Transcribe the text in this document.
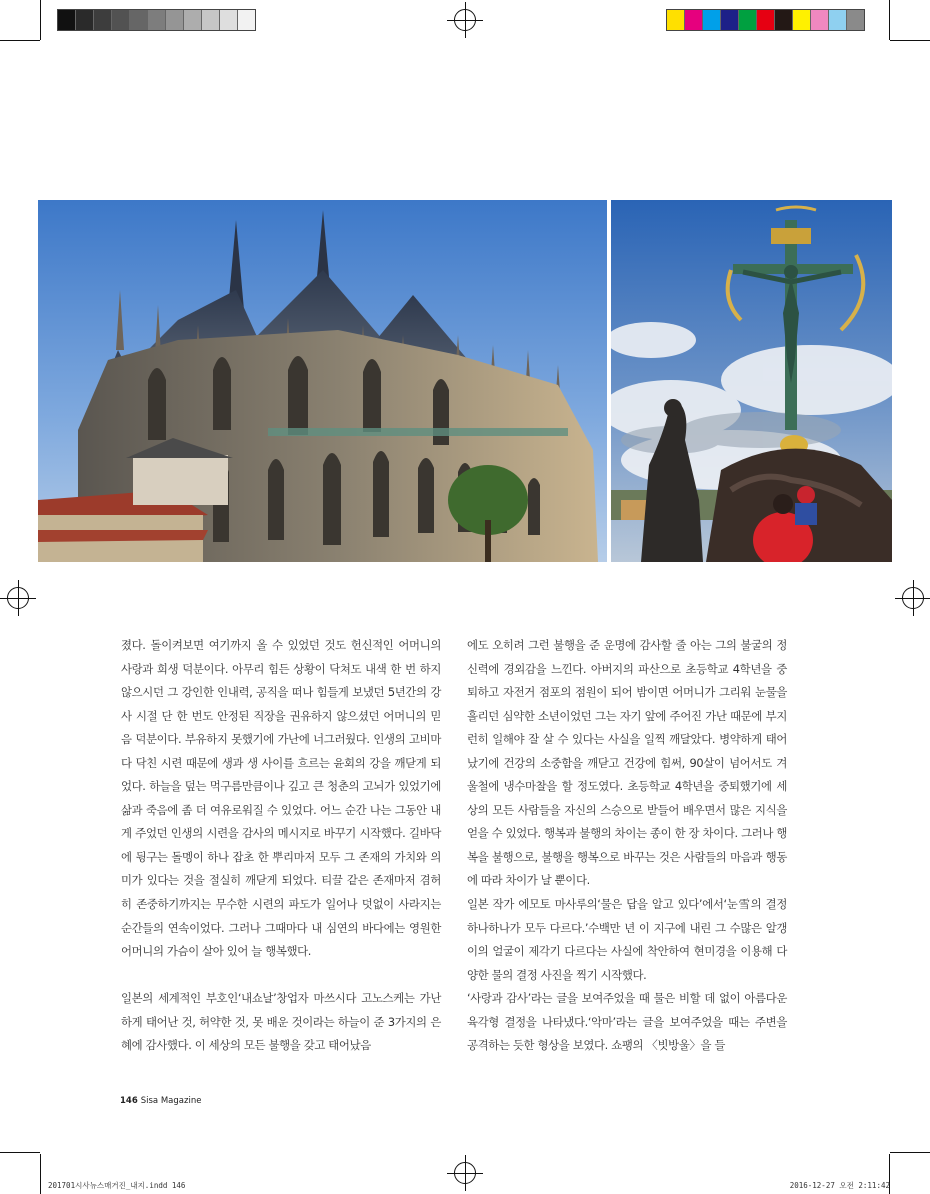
졌다. 돌이켜보면 여기까지 올 수 있었던 것도 헌신적인 어머니의 사랑과 희생 덕분이다. 아무리 힘든 상황이 닥쳐도 내색 한 번 하지 않으시던 그 강인한 인내력, 공직을 떠나 힘들게 보냈던 5년간의 강사 시절 단 한 번도 안정된 직장을 권유하지 않으셨던 어머니의 믿음 덕분이다. 부유하지 못했기에 가난에 너그러웠다. 인생의 고비마다 닥친 시련 때문에 생과 생 사이를 흐르는 윤회의 강을 깨닫게 되었다. 하늘을 덮는 먹구름만큼이나 깊고 큰 청춘의 고뇌가 있었기에 삶과 죽음에 좀 더 여유로워질 수 있었다. 어느 순간 나는 그동안 내게 주었던 인생의 시련을 감사의 메시지로 바꾸기 시작했다. 길바닥에 뒹구는 돌멩이 하나 잡초 한 뿌리마저 모두 그 존재의 가치와 의미가 있다는 것을 절실히 깨닫게 되었다. 티끌 같은 존재마저 겸허히 존중하기까지는 무수한 시련의 파도가 일어나 덧없이 사라지는 순간들의 연속이었다. 그러나 그때마다 내 심연의 바다에는 영원한 어머니의 가슴이 살아 있어 늘 행복했다.

일본의 세계적인 부호인‘내쇼날’창업자 마쓰시다 고노스케는 가난하게 태어난 것, 허약한 것, 못 배운 것이라는 하늘이 준 3가지의 은혜에 감사했다. 이 세상의 모든 불행을 갖고 태어났음

에도 오히려 그런 불행을 준 운명에 감사할 줄 아는 그의 불굴의 정신력에 경외감을 느낀다. 아버지의 파산으로 초등학교 4학년을 중퇴하고 자전거 점포의 점원이 되어 밤이면 어머니가 그리워 눈물을 흘리던 심약한 소년이었던 그는 자기 앞에 주어진 가난 때문에 부지런히 일해야 잘 살 수 있다는 사실을 일찍 깨달았다. 병약하게 태어났기에 건강의 소중함을 깨닫고 건강에 힘써, 90살이 넘어서도 겨울철에 냉수마찰을 할 정도였다. 초등학교 4학년을 중퇴했기에 세상의 모든 사람들을 자신의 스승으로 받들어 배우면서 많은 지식을 얻을 수 있었다. 행복과 불행의 차이는 종이 한 장 차이다. 그러나 행복을 불행으로, 불행을 행복으로 바꾸는 것은 사람들의 마음과 행동에 따라 차이가 날 뿐이다.

일본 작가 에모토 마사루의‘물은 답을 알고 있다’에서‘눈雪의 결정 하나하나가 모두 다르다.’수백만 년 이 지구에 내린 그 수많은 알갱이의 얼굴이 제각기 다르다는 사실에 착안하여 현미경을 이용해 다양한 물의 결정 사진을 찍기 시작했다.

‘사랑과 감사’라는 글을 보여주었을 때 물은 비할 데 없이 아름다운 육각형 결정을 나타냈다.‘악마’라는 글을 보여주었을 때는 주변을 공격하는 듯한 형상을 보였다. 쇼팽의 〈빗방울〉을 들

146 Sisa Magazine
201701시사뉴스매거진_내지.indd 146	2016-12-27 오전 2:11:42
